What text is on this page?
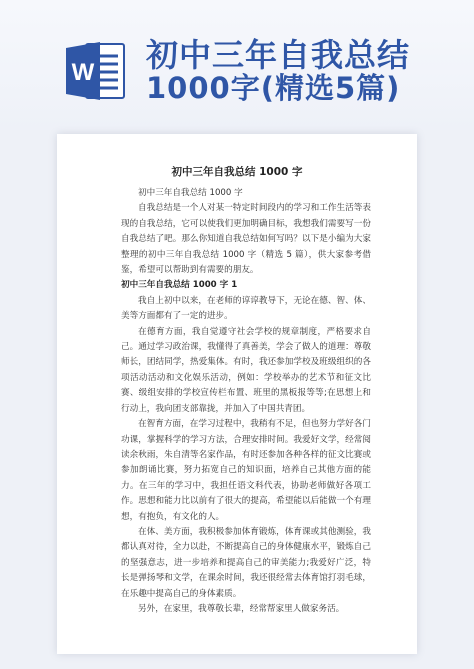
W 初中三年自我总结
1000字(精选5篇)
初中三年自我总结 1000 字

初中三年自我总结 1000 字

自我总结是一个人对某一特定时间段内的学习和工作生活等表现的自我总结，它可以使我们更加明确目标，我想我们需要写一份自我总结了吧。那么你知道自我总结如何写吗？以下是小编为大家整理的初中三年自我总结 1000 字（精选 5 篇），供大家参考借鉴，希望可以帮助到有需要的朋友。

初中三年自我总结 1000 字 1

我自上初中以来，在老师的谆谆教导下，无论在德、智、体、美等方面都有了一定的进步。

在德育方面，我自觉遵守社会学校的规章制度，严格要求自己。通过学习政治课，我懂得了真善美，学会了做人的道理：尊敬师长，团结同学，热爱集体。有时，我还参加学校及班级组织的各项活动活动和文化娱乐活动，例如：学校举办的艺术节和征文比赛、级组安排的学校宣传栏布置、班里的黑板报等等;在思想上和行动上，我向团支部靠拢，并加入了中国共青团。

在智育方面，在学习过程中，我稍有不足，但也努力学好各门功课，掌握科学的学习方法，合理安排时间。我爱好文学，经常阅读余秋雨，朱自清等名家作品，有时还参加各种各样的征文比赛或参加朗诵比赛，努力拓宽自己的知识面，培养自己其他方面的能力。在三年的学习中，我担任语文科代表，协助老师做好各项工作。思想和能力比以前有了很大的提高，希望能以后能做一个有理想，有抱负，有文化的人。

在体、美方面，我积极参加体育锻炼，体育课或其他测验，我都认真对待，全力以赴，不断提高自己的身体健康水平，锻炼自己的坚强意志，进一步培养和提高自己的审美能力;我爱好广泛，特长是弹扬琴和文学，在课余时间，我还很经常去体育馆打羽毛球，在乐趣中提高自己的身体素质。

另外，在家里，我尊敬长辈，经常帮家里人做家务活。
